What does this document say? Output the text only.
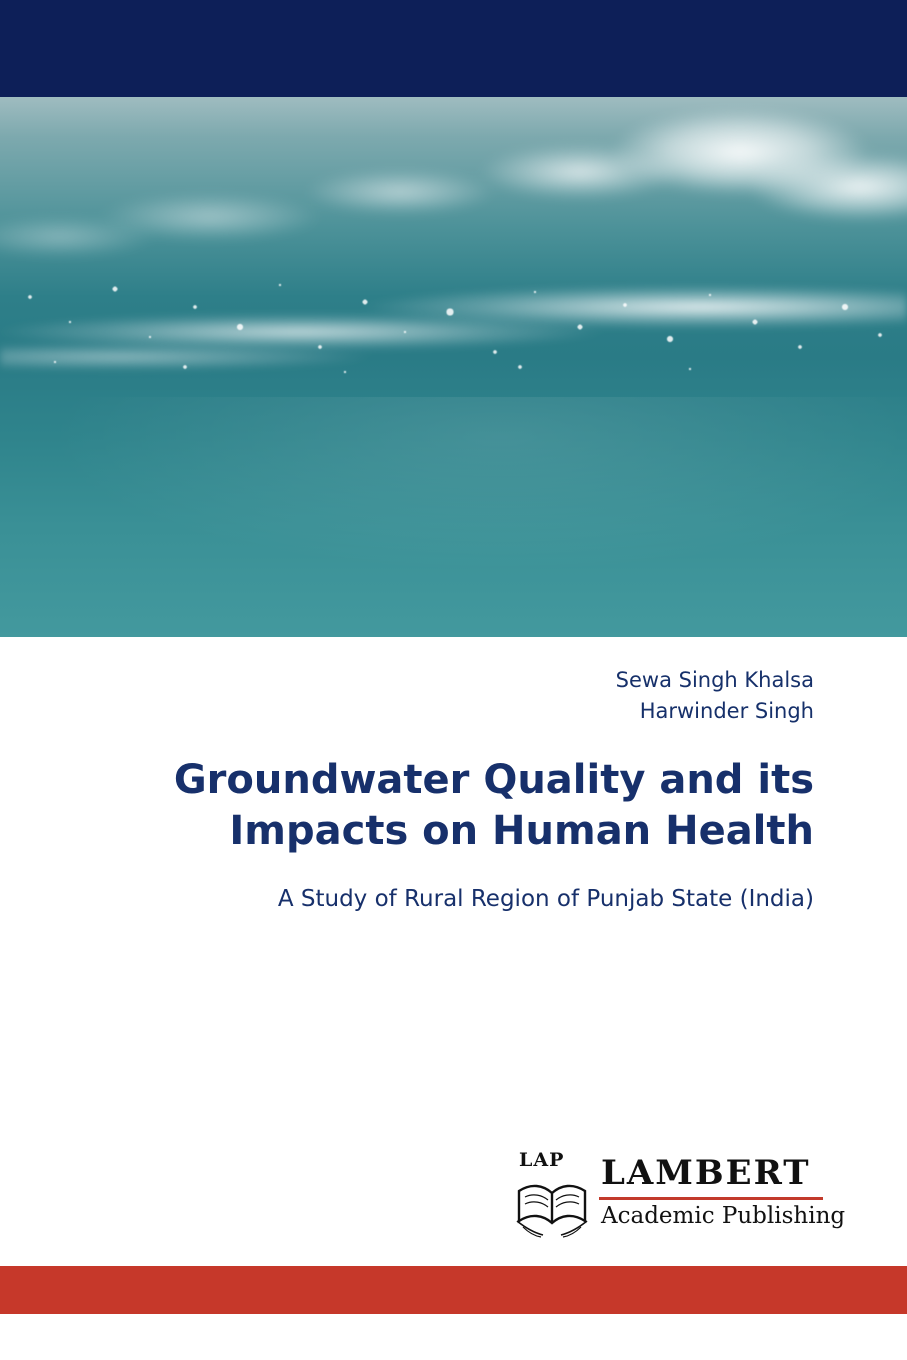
Sewa Singh Khalsa
Harwinder Singh
Groundwater Quality and its Impacts on Human Health
A Study of Rural Region of Punjab State (India)
LAP LAMBERT
Academic Publishing
